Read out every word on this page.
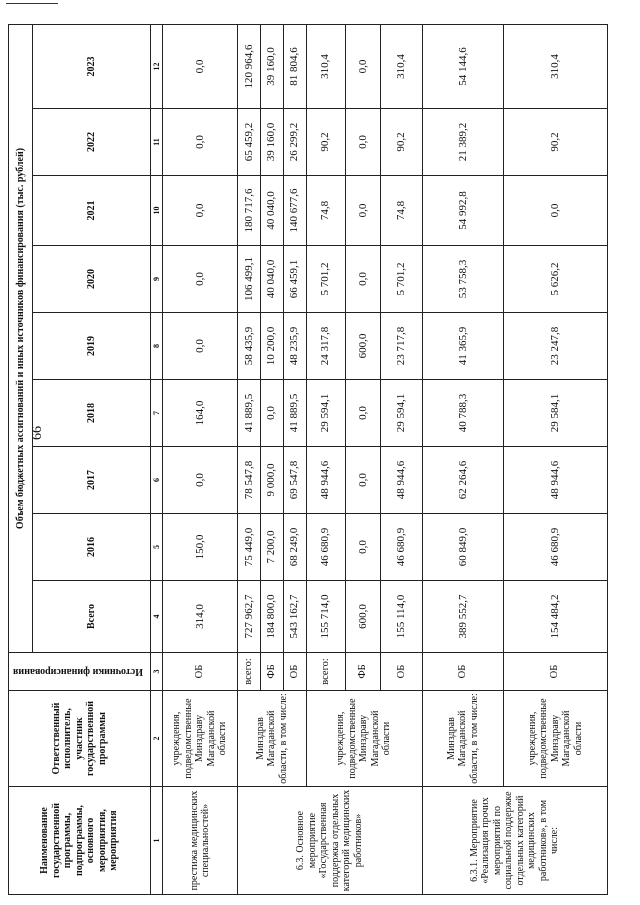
66
Наименование государственной программы, подпрограммы, основного мероприятия, мероприятия	Ответственный исполнитель, участник государственной программы	Источники финансирования	Объем бюджетных ассигнований и иных источников финансирования (тыс. рублей)								
			Всего	2016	2017	2018	2019	2020	2021	2022	2023
1	2	3	4	5	6	7	8	9	10	11	12
престижа медицинских специальностей»	учреждения, подведомственные Минздраву Магаданской области	ОБ	314,0	150,0	0,0	164,0	0,0	0,0	0,0	0,0	0,0
6.3. Основное мероприятие «Государственная поддержка отдельных категорий медицинских работников»	Минздрав Магаданской области, в том числе:	всего:	727 962,7	75 449,0	78 547,8	41 889,5	58 435,9	106 499,1	180 717,6	65 459,2	120 964,6
		ФБ	184 800,0	7 200,0	9 000,0	0,0	10 200,0	40 040,0	40 040,0	39 160,0	39 160,0
		ОБ	543 162,7	68 249,0	69 547,8	41 889,5	48 235,9	66 459,1	140 677,6	26 299,2	81 804,6
	учреждения, подведомственные Минздраву Магаданской области	всего:	155 714,0	46 680,9	48 944,6	29 594,1	24 317,8	5 701,2	74,8	90,2	310,4
		ФБ	600,0	0,0	0,0	0,0	600,0	0,0	0,0	0,0	0,0
		ОБ	155 114,0	46 680,9	48 944,6	29 594,1	23 717,8	5 701,2	74,8	90,2	310,4
6.3.1. Мероприятие «Реализация прочих мероприятий по социальной поддержке отдельных категорий медицинских работников», в том числе:	Минздрав Магаданской области, в том числе:	ОБ	389 552,7	60 849,0	62 264,6	40 788,3	41 365,9	53 758,3	54 992,8	21 389,2	54 144,6
	учреждения, подведомственные Минздраву Магаданской области	ОБ	154 484,2	46 680,9	48 944,6	29 584,1	23 247,8	5 626,2	0,0	90,2	310,4
